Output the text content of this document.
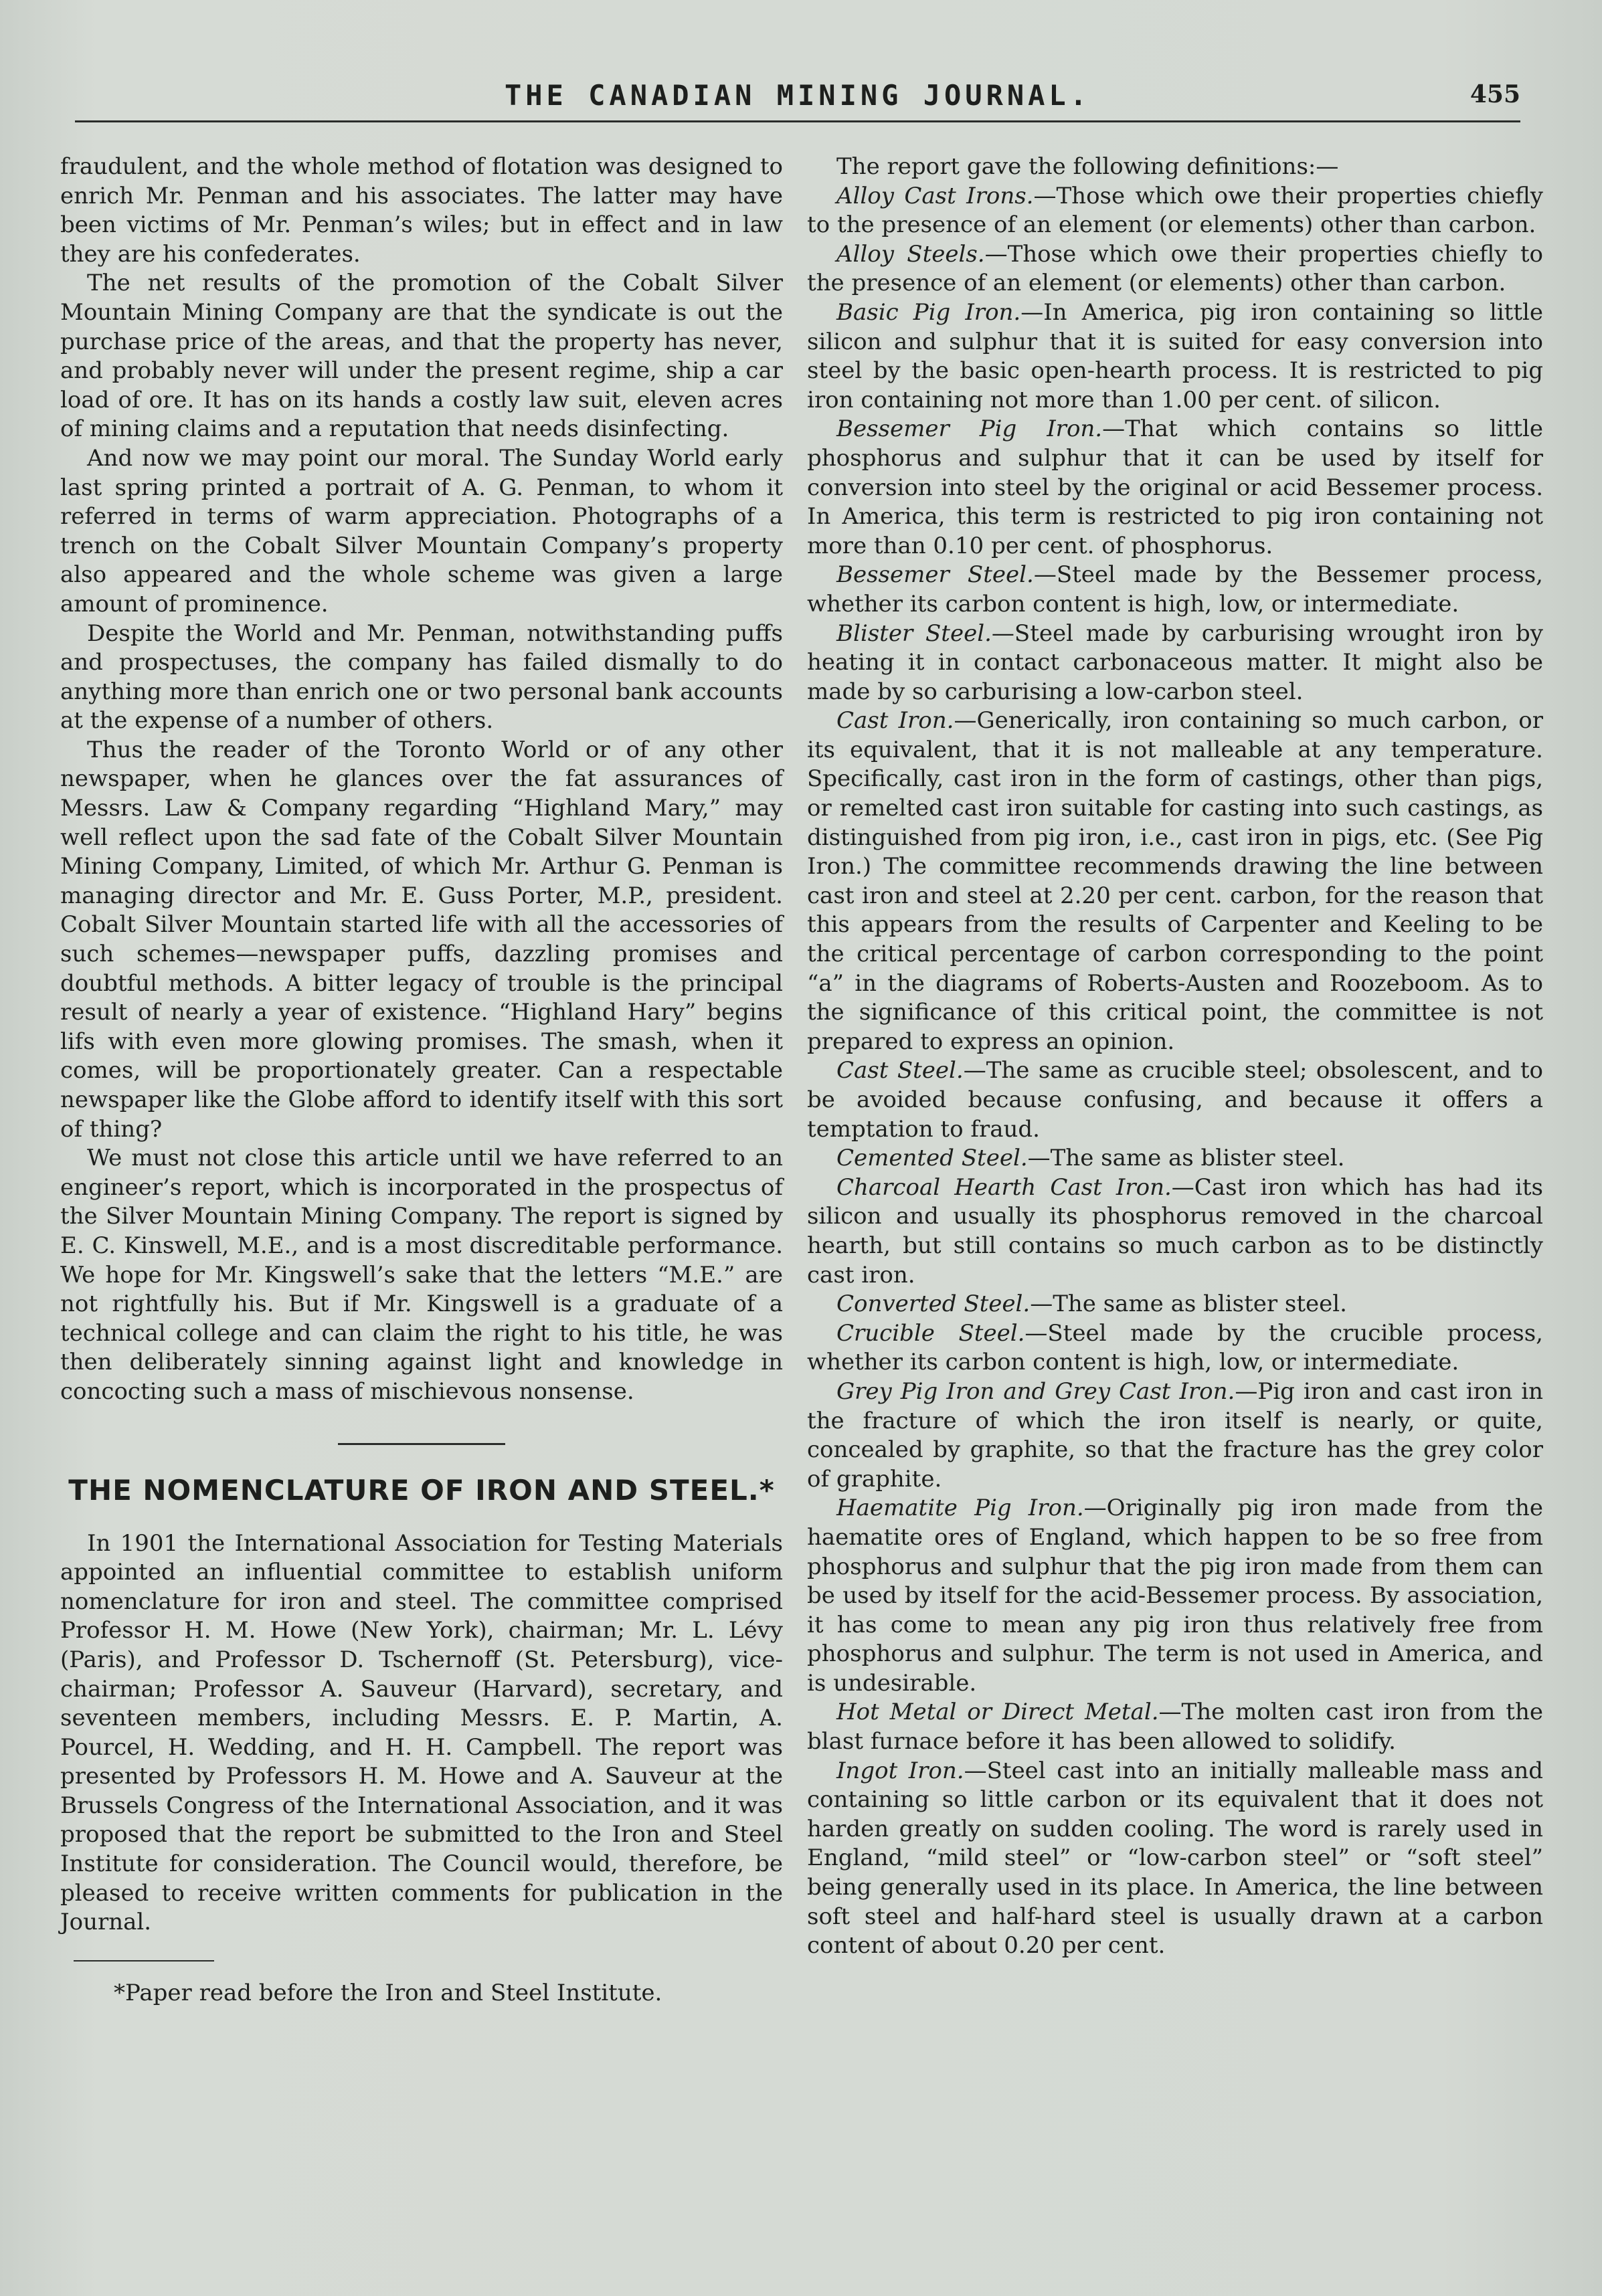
THE CANADIAN MINING JOURNAL.	455

fraudulent, and the whole method of flotation was designed to enrich Mr. Penman and his associates. The latter may have been victims of Mr. Penman’s wiles; but in effect and in law they are his confederates.

The net results of the promotion of the Cobalt Silver Mountain Mining Company are that the syndicate is out the purchase price of the areas, and that the property has never, and probably never will under the present regime, ship a car load of ore. It has on its hands a costly law suit, eleven acres of mining claims and a reputation that needs disinfecting.

And now we may point our moral. The Sunday World early last spring printed a portrait of A. G. Penman, to whom it referred in terms of warm appreciation. Photographs of a trench on the Cobalt Silver Mountain Company’s property also appeared and the whole scheme was given a large amount of prominence.

Despite the World and Mr. Penman, notwithstanding puffs and prospectuses, the company has failed dismally to do anything more than enrich one or two personal bank accounts at the expense of a number of others.

Thus the reader of the Toronto World or of any other newspaper, when he glances over the fat assurances of Messrs. Law & Company regarding “Highland Mary,” may well reflect upon the sad fate of the Cobalt Silver Mountain Mining Company, Limited, of which Mr. Arthur G. Penman is managing director and Mr. E. Guss Porter, M.P., president. Cobalt Silver Mountain started life with all the accessories of such schemes—newspaper puffs, dazzling promises and doubtful methods. A bitter legacy of trouble is the principal result of nearly a year of existence. “Highland Hary” begins lifs with even more glowing promises. The smash, when it comes, will be proportionately greater. Can a respectable newspaper like the Globe afford to identify itself with this sort of thing?

We must not close this article until we have referred to an engineer’s report, which is incorporated in the prospectus of the Silver Mountain Mining Company. The report is signed by E. C. Kinswell, M.E., and is a most discreditable performance. We hope for Mr. Kingswell’s sake that the letters “M.E.” are not rightfully his. But if Mr. Kingswell is a graduate of a technical college and can claim the right to his title, he was then deliberately sinning against light and knowledge in concocting such a mass of mischievous nonsense.

THE NOMENCLATURE OF IRON AND STEEL.*

In 1901 the International Association for Testing Materials appointed an influential committee to establish uniform nomenclature for iron and steel. The committee comprised Professor H. M. Howe (New York), chairman; Mr. L. Lévy (Paris), and Professor D. Tschernoff (St. Petersburg), vice-chairman; Professor A. Sauveur (Harvard), secretary, and seventeen members, including Messrs. E. P. Martin, A. Pourcel, H. Wedding, and H. H. Campbell. The report was presented by Professors H. M. Howe and A. Sauveur at the Brussels Congress of the International Association, and it was proposed that the report be submitted to the Iron and Steel Institute for consideration. The Council would, therefore, be pleased to receive written comments for publication in the Journal.

*Paper read before the Iron and Steel Institute.

The report gave the following definitions:—

Alloy Cast Irons.—Those which owe their properties chiefly to the presence of an element (or elements) other than carbon.

Alloy Steels.—Those which owe their properties chiefly to the presence of an element (or elements) other than carbon.

Basic Pig Iron.—In America, pig iron containing so little silicon and sulphur that it is suited for easy conversion into steel by the basic open-hearth process. It is restricted to pig iron containing not more than 1.00 per cent. of silicon.

Bessemer Pig Iron.—That which contains so little phosphorus and sulphur that it can be used by itself for conversion into steel by the original or acid Bessemer process. In America, this term is restricted to pig iron containing not more than 0.10 per cent. of phosphorus.

Bessemer Steel.—Steel made by the Bessemer process, whether its carbon content is high, low, or intermediate.

Blister Steel.—Steel made by carburising wrought iron by heating it in contact carbonaceous matter. It might also be made by so carburising a low-carbon steel.

Cast Iron.—Generically, iron containing so much carbon, or its equivalent, that it is not malleable at any temperature. Specifically, cast iron in the form of castings, other than pigs, or remelted cast iron suitable for casting into such castings, as distinguished from pig iron, i.e., cast iron in pigs, etc. (See Pig Iron.) The committee recommends drawing the line between cast iron and steel at 2.20 per cent. carbon, for the reason that this appears from the results of Carpenter and Keeling to be the critical percentage of carbon corresponding to the point “a” in the diagrams of Roberts-Austen and Roozeboom. As to the significance of this critical point, the committee is not prepared to express an opinion.

Cast Steel.—The same as crucible steel; obsolescent, and to be avoided because confusing, and because it offers a temptation to fraud.

Cemented Steel.—The same as blister steel.

Charcoal Hearth Cast Iron.—Cast iron which has had its silicon and usually its phosphorus removed in the charcoal hearth, but still contains so much carbon as to be distinctly cast iron.

Converted Steel.—The same as blister steel.

Crucible Steel.—Steel made by the crucible process, whether its carbon content is high, low, or intermediate.

Grey Pig Iron and Grey Cast Iron.—Pig iron and cast iron in the fracture of which the iron itself is nearly, or quite, concealed by graphite, so that the fracture has the grey color of graphite.

Haematite Pig Iron.—Originally pig iron made from the haematite ores of England, which happen to be so free from phosphorus and sulphur that the pig iron made from them can be used by itself for the acid-Bessemer process. By association, it has come to mean any pig iron thus relatively free from phosphorus and sulphur. The term is not used in America, and is undesirable.

Hot Metal or Direct Metal.—The molten cast iron from the blast furnace before it has been allowed to solidify.

Ingot Iron.—Steel cast into an initially malleable mass and containing so little carbon or its equivalent that it does not harden greatly on sudden cooling. The word is rarely used in England, “mild steel” or “low-carbon steel” or “soft steel” being generally used in its place. In America, the line between soft steel and half-hard steel is usually drawn at a carbon content of about 0.20 per cent.
